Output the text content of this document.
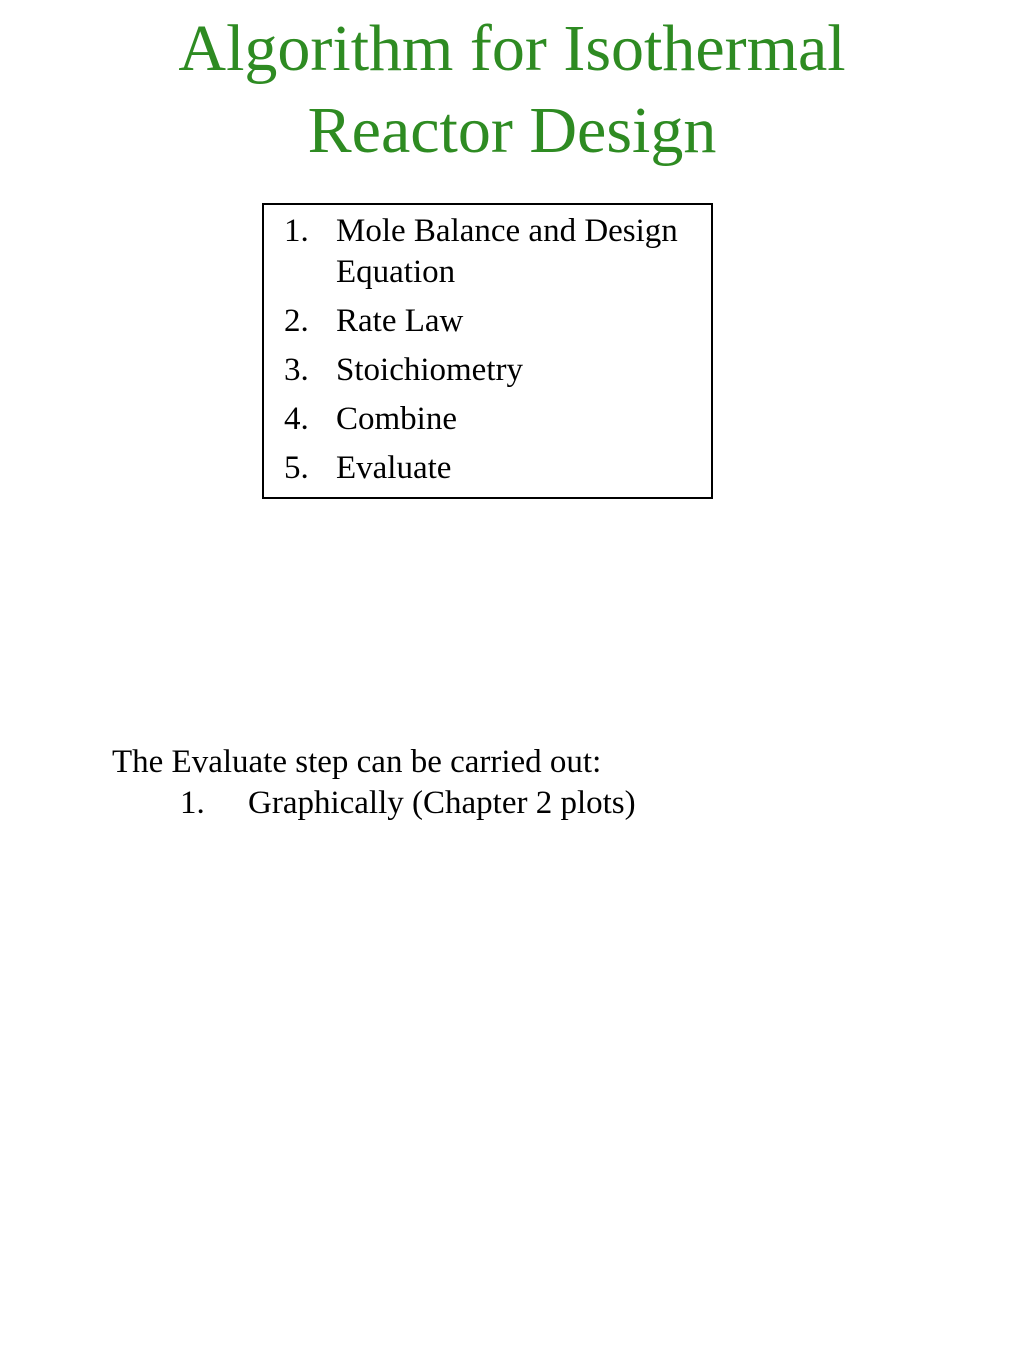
Algorithm for Isothermal
Reactor Design
1. Mole Balance and Design Equation
2. Rate Law
3. Stoichiometry
4. Combine
5. Evaluate
The Evaluate step can be carried out:
1.	Graphically (Chapter 2 plots)
